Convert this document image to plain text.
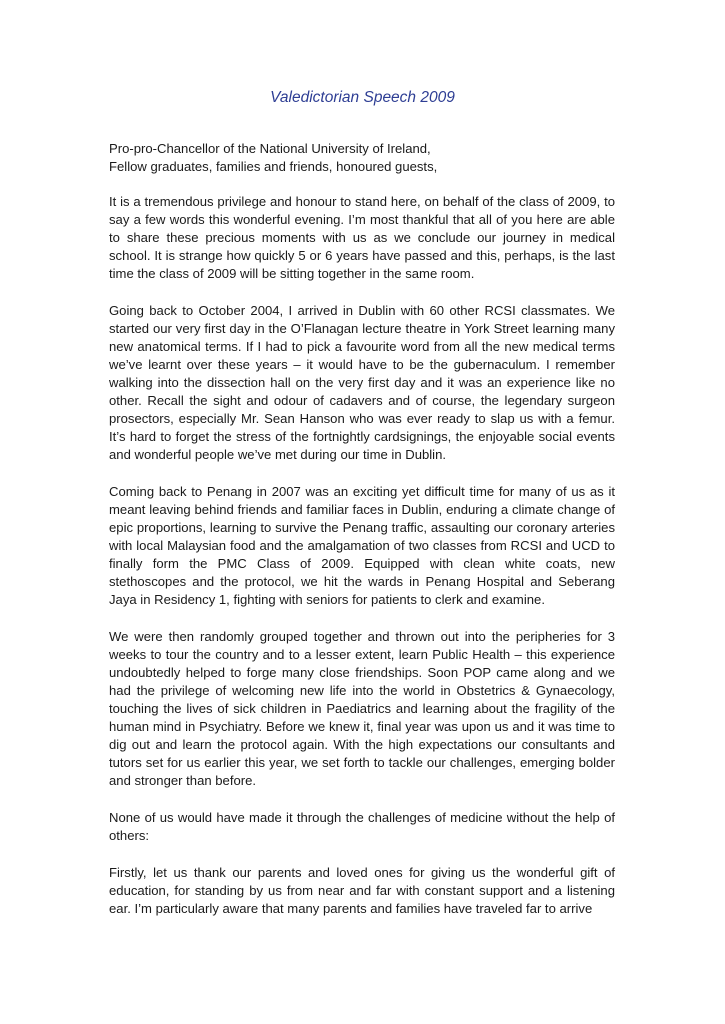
Valedictorian Speech 2009

Pro-pro-Chancellor of the National University of Ireland,

Fellow graduates, families and friends, honoured guests,

It is a tremendous privilege and honour to stand here, on behalf of the class of 2009, to say a few words this wonderful evening. I’m most thankful that all of you here are able to share these precious moments with us as we conclude our journey in medical school. It is strange how quickly 5 or 6 years have passed and this, perhaps, is the last time the class of 2009 will be sitting together in the same room.

Going back to October 2004, I arrived in Dublin with 60 other RCSI classmates. We started our very first day in the O’Flanagan lecture theatre in York Street learning many new anatomical terms. If I had to pick a favourite word from all the new medical terms we’ve learnt over these years – it would have to be the gubernaculum. I remember walking into the dissection hall on the very first day and it was an experience like no other. Recall the sight and odour of cadavers and of course, the legendary surgeon prosectors, especially Mr. Sean Hanson who was ever ready to slap us with a femur. It’s hard to forget the stress of the fortnightly cardsignings, the enjoyable social events and wonderful people we’ve met during our time in Dublin.

Coming back to Penang in 2007 was an exciting yet difficult time for many of us as it meant leaving behind friends and familiar faces in Dublin, enduring a climate change of epic proportions, learning to survive the Penang traffic, assaulting our coronary arteries with local Malaysian food and the amalgamation of two classes from RCSI and UCD to finally form the PMC Class of 2009. Equipped with clean white coats, new stethoscopes and the protocol, we hit the wards in Penang Hospital and Seberang Jaya in Residency 1, fighting with seniors for patients to clerk and examine.

We were then randomly grouped together and thrown out into the peripheries for 3 weeks to tour the country and to a lesser extent, learn Public Health – this experience undoubtedly helped to forge many close friendships. Soon POP came along and we had the privilege of welcoming new life into the world in Obstetrics & Gynaecology, touching the lives of sick children in Paediatrics and learning about the fragility of the human mind in Psychiatry. Before we knew it, final year was upon us and it was time to dig out and learn the protocol again. With the high expectations our consultants and tutors set for us earlier this year, we set forth to tackle our challenges, emerging bolder and stronger than before.

None of us would have made it through the challenges of medicine without the help of others:

Firstly, let us thank our parents and loved ones for giving us the wonderful gift of education, for standing by us from near and far with constant support and a listening ear. I’m particularly aware that many parents and families have traveled far to arrive
